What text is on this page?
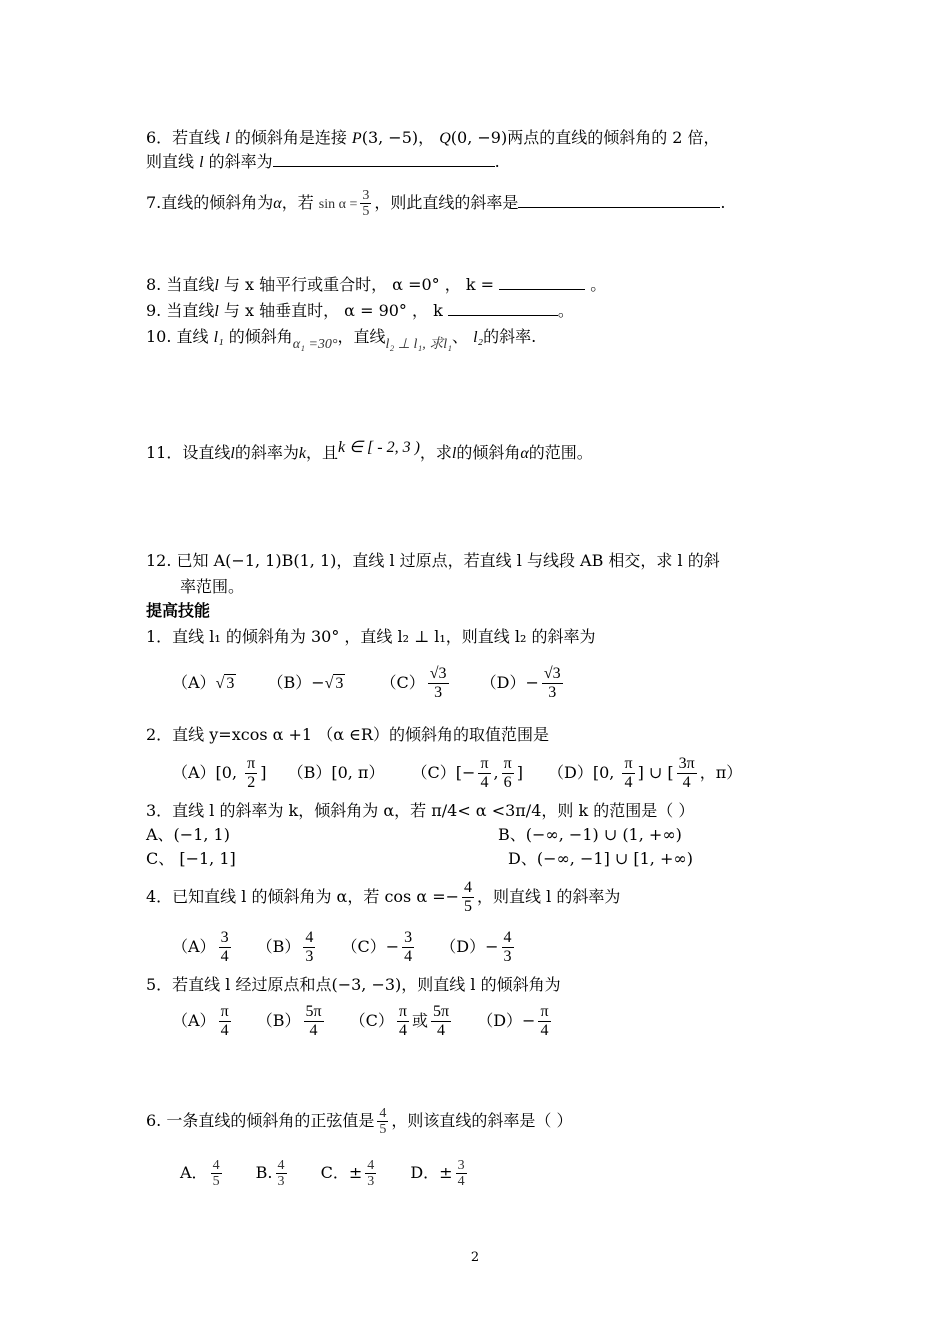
6．若直线 l 的倾斜角是连接 P(3, −5)， Q(0, −9)两点的直线的倾斜角的 2 倍，
则直线 l 的斜率为	.
7.直线的倾斜角为α，若 $\sin \alpha = \frac{3}{5}$ ，则此直线的斜率是	.
8. 当直线l 与 x 轴平行或重合时， α =0° ， k =	。
9. 当直线l 与 x 轴垂直时， α = 90° ， k	。
10. 直线 l₁ 的倾斜角α₁ =30°，直线l₂ ⊥ l₁, 求l₁、 l₂的斜率.
11．设直线l的斜率为k，且k ∈ [ - 2, 3 )，求l的倾斜角α的范围。
12. 已知 A(−1, 1)B(1, 1)，直线 l 过原点，若直线 l 与线段 AB 相交，求 l 的斜
率范围。
提高技能
1．直线 l₁ 的倾斜角为 30° ，直线 l₂ ⊥ l₁，则直线 l₂ 的斜率为
（A）√ 3 （B）−√ 3 $(C) \frac{√3}{3} (D)- \frac{√3}{3}$
2．直线 y=xcos α +1 （α ∈R）的倾斜角的取值范围是
（A）[0, $\frac{\pi}{2}$ ] （B）[0, π） $(C)[- \frac{\pi}{4}$ , $\frac{\pi}{6}$ ] （D）[0, $\frac{\pi}{4}$ ] ∪ [ $\frac{3\pi}{4}$ ，π）
3．直线 l 的斜率为 k，倾斜角为 α，若 π/4< α <3π/4，则 k 的范围是（ ）
A、(−1, 1)	B、(−∞, −1) ∪ (1, +∞)
C、 [−1, 1]	D、(−∞, −1] ∪ [1, +∞)
4．已知直线 l 的倾斜角为 α，若 $\cos \alpha =- \frac{4}{5}$ ，则直线 l 的斜率为
$(A) \frac{3}{4} (B) \frac{4}{3} (C)- \frac{3}{4} (D)- \frac{4}{3}$
5．若直线 l 经过原点和点(−3, −3)，则直线 l 的倾斜角为
$(A) \frac{\pi}{4} (B) \frac{5\pi}{4} (C) \frac{\pi}{4}$ 或 $\frac{5\pi}{4} (D)- \frac{\pi}{4}$
6. 一条直线的倾斜角的正弦值是 $\frac{4}{5}$ ，则该直线的斜率是（ ）
A． $\frac{4}{5} B$. $\frac{4}{3}$ C．± $\frac{4}{3}$ D．± $\frac{3}{4}$
2
